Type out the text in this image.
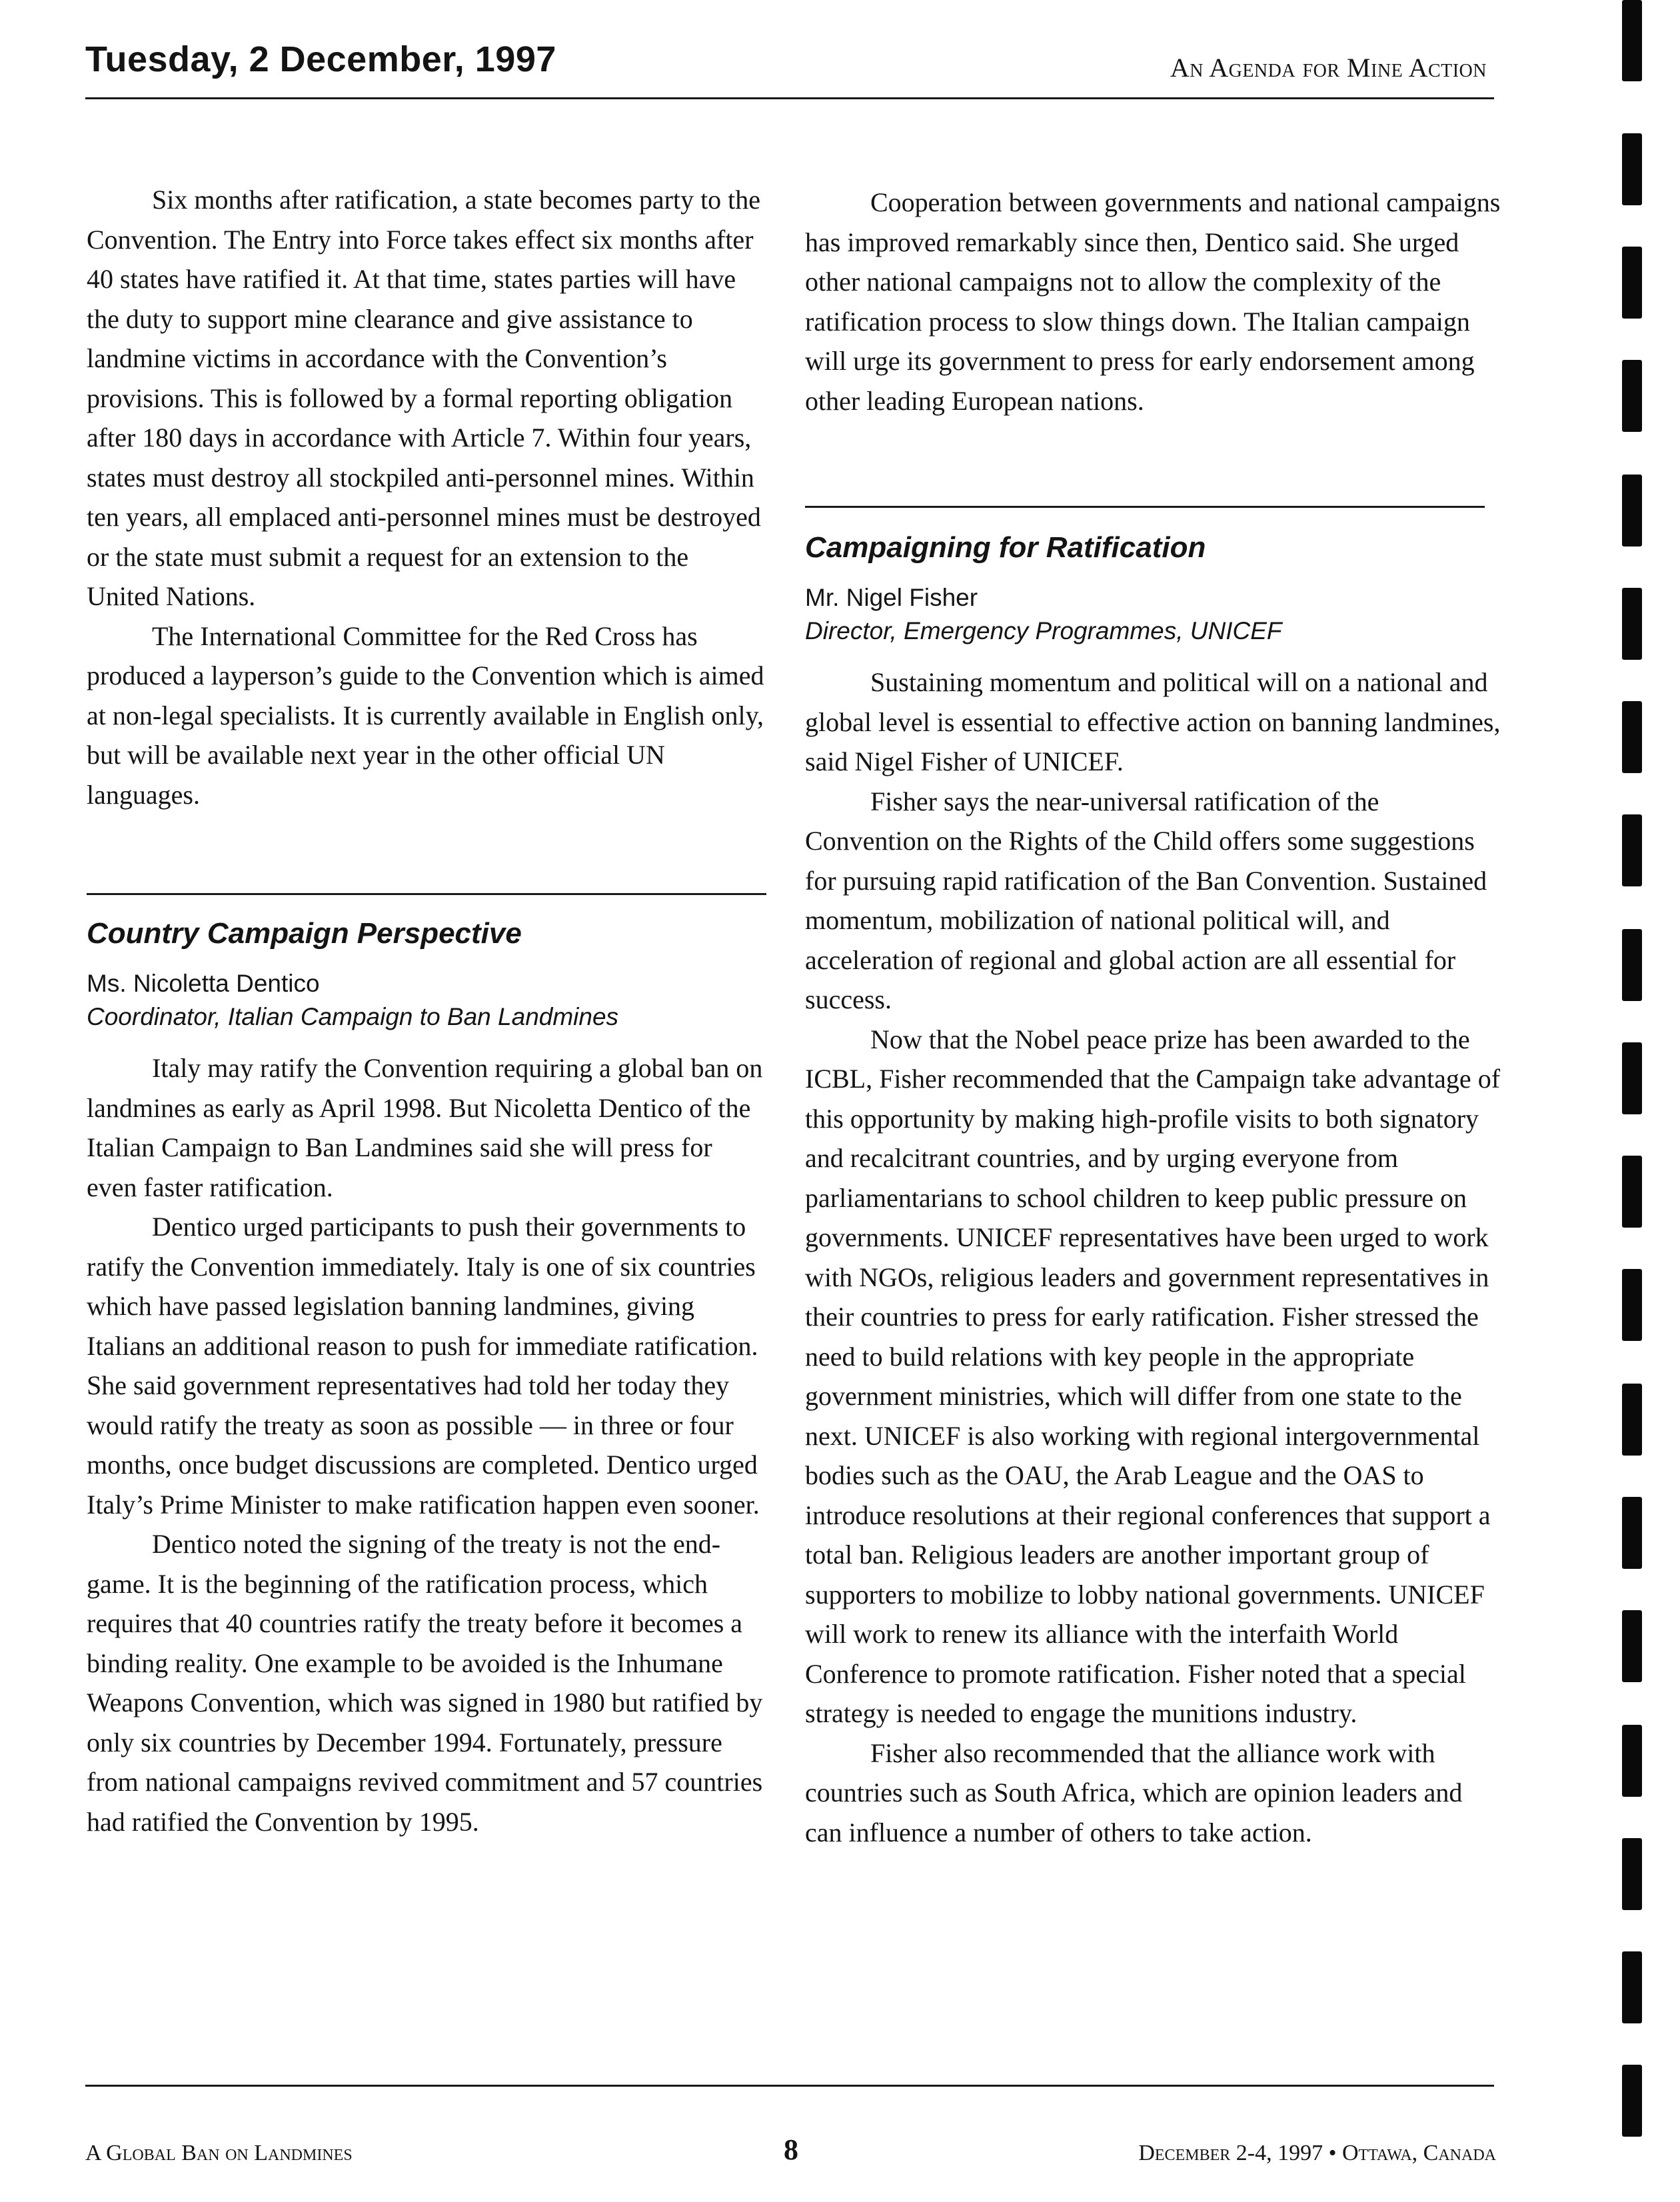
Tuesday, 2 December, 1997	An Agenda for Mine Action

Six months after ratification, a state becomes party to the Convention. The Entry into Force takes effect six months after 40 states have ratified it. At that time, states parties will have the duty to support mine clearance and give assistance to landmine victims in accordance with the Convention’s provisions. This is followed by a formal reporting obligation after 180 days in accordance with Article 7. Within four years, states must destroy all stockpiled anti-personnel mines. Within ten years, all emplaced anti-personnel mines must be destroyed or the state must submit a request for an extension to the United Nations.

The International Committee for the Red Cross has produced a layperson’s guide to the Convention which is aimed at non-legal specialists. It is currently available in English only, but will be available next year in the other official UN languages.

Country Campaign Perspective
Ms. Nicoletta Dentico
Coordinator, Italian Campaign to Ban Landmines

Italy may ratify the Convention requiring a global ban on landmines as early as April 1998. But Nicoletta Dentico of the Italian Campaign to Ban Landmines said she will press for even faster ratification.

Dentico urged participants to push their governments to ratify the Convention immediately. Italy is one of six countries which have passed legislation banning landmines, giving Italians an additional reason to push for immediate ratification. She said government representatives had told her today they would ratify the treaty as soon as possible — in three or four months, once budget discussions are completed. Dentico urged Italy’s Prime Minister to make ratification happen even sooner.

Dentico noted the signing of the treaty is not the end-game. It is the beginning of the ratification process, which requires that 40 countries ratify the treaty before it becomes a binding reality. One example to be avoided is the Inhumane Weapons Convention, which was signed in 1980 but ratified by only six countries by December 1994. Fortunately, pressure from national campaigns revived commitment and 57 countries had ratified the Convention by 1995.

Cooperation between governments and national campaigns has improved remarkably since then, Dentico said. She urged other national campaigns not to allow the complexity of the ratification process to slow things down. The Italian campaign will urge its government to press for early endorsement among other leading European nations.

Campaigning for Ratification
Mr. Nigel Fisher
Director, Emergency Programmes, UNICEF

Sustaining momentum and political will on a national and global level is essential to effective action on banning landmines, said Nigel Fisher of UNICEF.

Fisher says the near-universal ratification of the Convention on the Rights of the Child offers some suggestions for pursuing rapid ratification of the Ban Convention. Sustained momentum, mobilization of national political will, and acceleration of regional and global action are all essential for success.

Now that the Nobel peace prize has been awarded to the ICBL, Fisher recommended that the Campaign take advantage of this opportunity by making high-profile visits to both signatory and recalcitrant countries, and by urging everyone from parliamentarians to school children to keep public pressure on governments. UNICEF representatives have been urged to work with NGOs, religious leaders and government representatives in their countries to press for early ratification. Fisher stressed the need to build relations with key people in the appropriate government ministries, which will differ from one state to the next. UNICEF is also working with regional intergovernmental bodies such as the OAU, the Arab League and the OAS to introduce resolutions at their regional conferences that support a total ban. Religious leaders are another important group of supporters to mobilize to lobby national governments. UNICEF will work to renew its alliance with the interfaith World Conference to promote ratification. Fisher noted that a special strategy is needed to engage the munitions industry.

Fisher also recommended that the alliance work with countries such as South Africa, which are opinion leaders and can influence a number of others to take action.

A Global Ban on Landmines	8	December 2-4, 1997 • Ottawa, Canada
